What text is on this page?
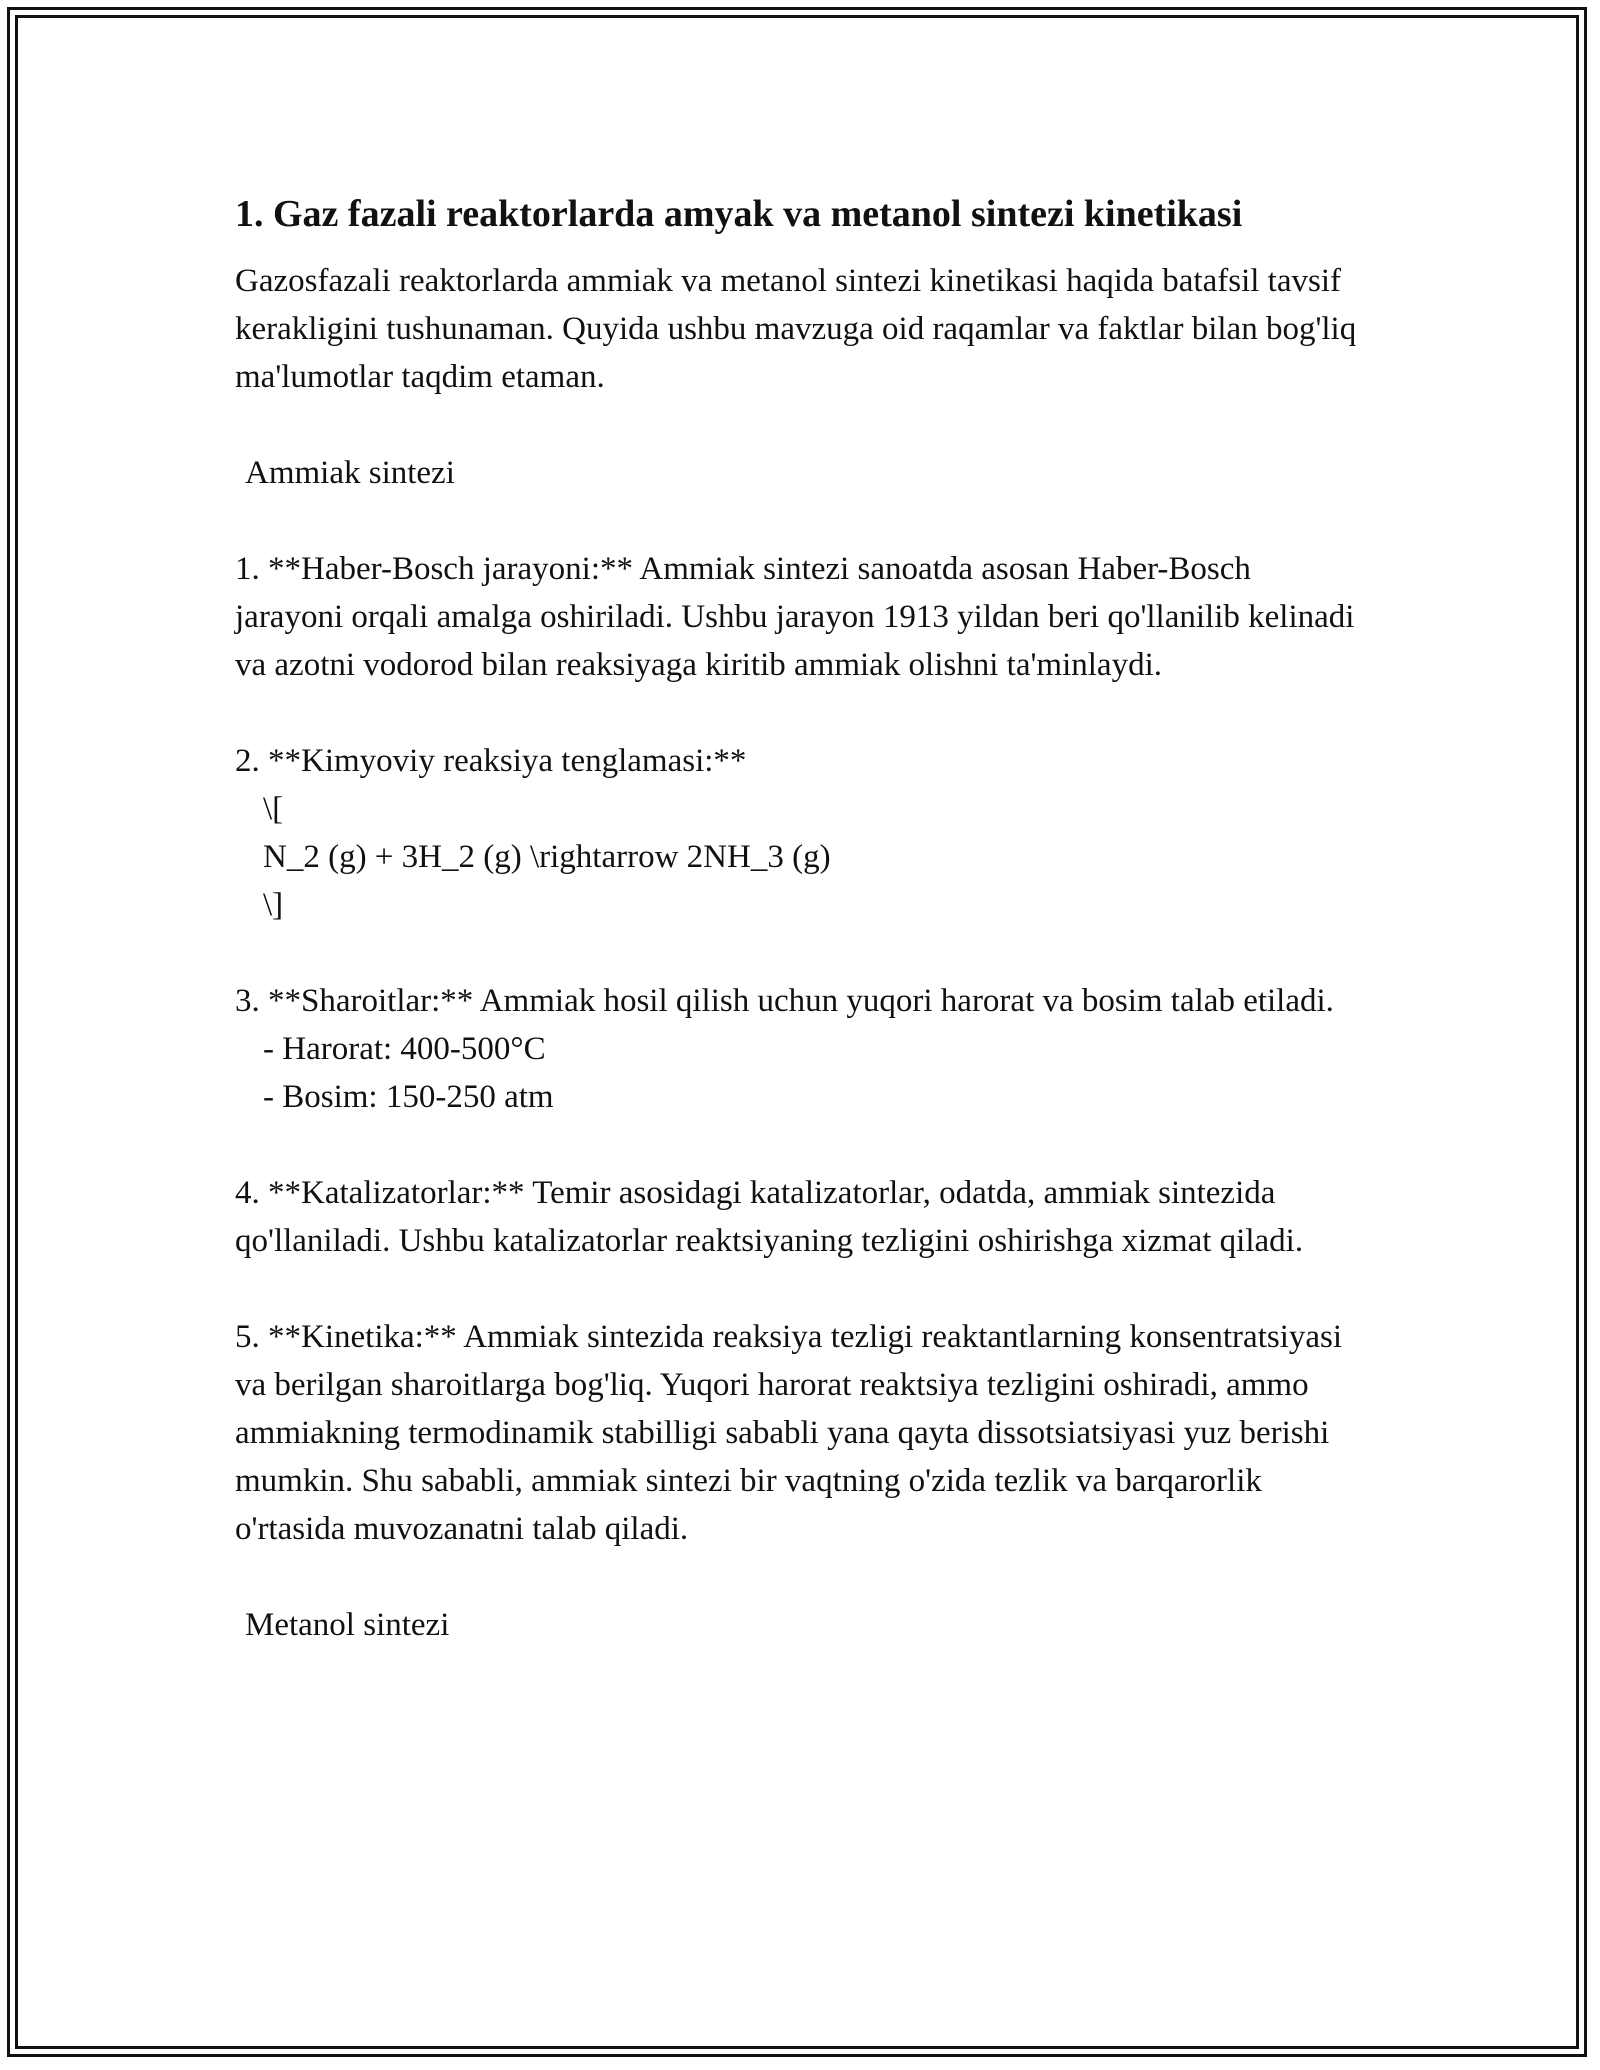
1. Gaz fazali reaktorlarda amyak va metanol sintezi kinetikasi

Gazosfazali reaktorlarda ammiak va metanol sintezi kinetikasi haqida batafsil tavsif kerakligini tushunaman. Quyida ushbu mavzuga oid raqamlar va faktlar bilan bog'liq ma'lumotlar taqdim etaman.

Ammiak sintezi

1. **Haber-Bosch jarayoni:** Ammiak sintezi sanoatda asosan Haber-Bosch jarayoni orqali amalga oshiriladi. Ushbu jarayon 1913 yildan beri qo'llanilib kelinadi va azotni vodorod bilan reaksiyaga kiritib ammiak olishni ta'minlaydi.

2. **Kimyoviy reaksiya tenglamasi:**

\[

N_2 (g) + 3H_2 (g) \rightarrow 2NH_3 (g)

\]

3. **Sharoitlar:** Ammiak hosil qilish uchun yuqori harorat va bosim talab etiladi.

- Harorat: 400-500°C

- Bosim: 150-250 atm

4. **Katalizatorlar:** Temir asosidagi katalizatorlar, odatda, ammiak sintezida qo'llaniladi. Ushbu katalizatorlar reaktsiyaning tezligini oshirishga xizmat qiladi.

5. **Kinetika:** Ammiak sintezida reaksiya tezligi reaktantlarning konsentratsiyasi va berilgan sharoitlarga bog'liq. Yuqori harorat reaktsiya tezligini oshiradi, ammo ammiakning termodinamik stabilligi sababli yana qayta dissotsiatsiyasi yuz berishi mumkin. Shu sababli, ammiak sintezi bir vaqtning o'zida tezlik va barqarorlik o'rtasida muvozanatni talab qiladi.

Metanol sintezi
